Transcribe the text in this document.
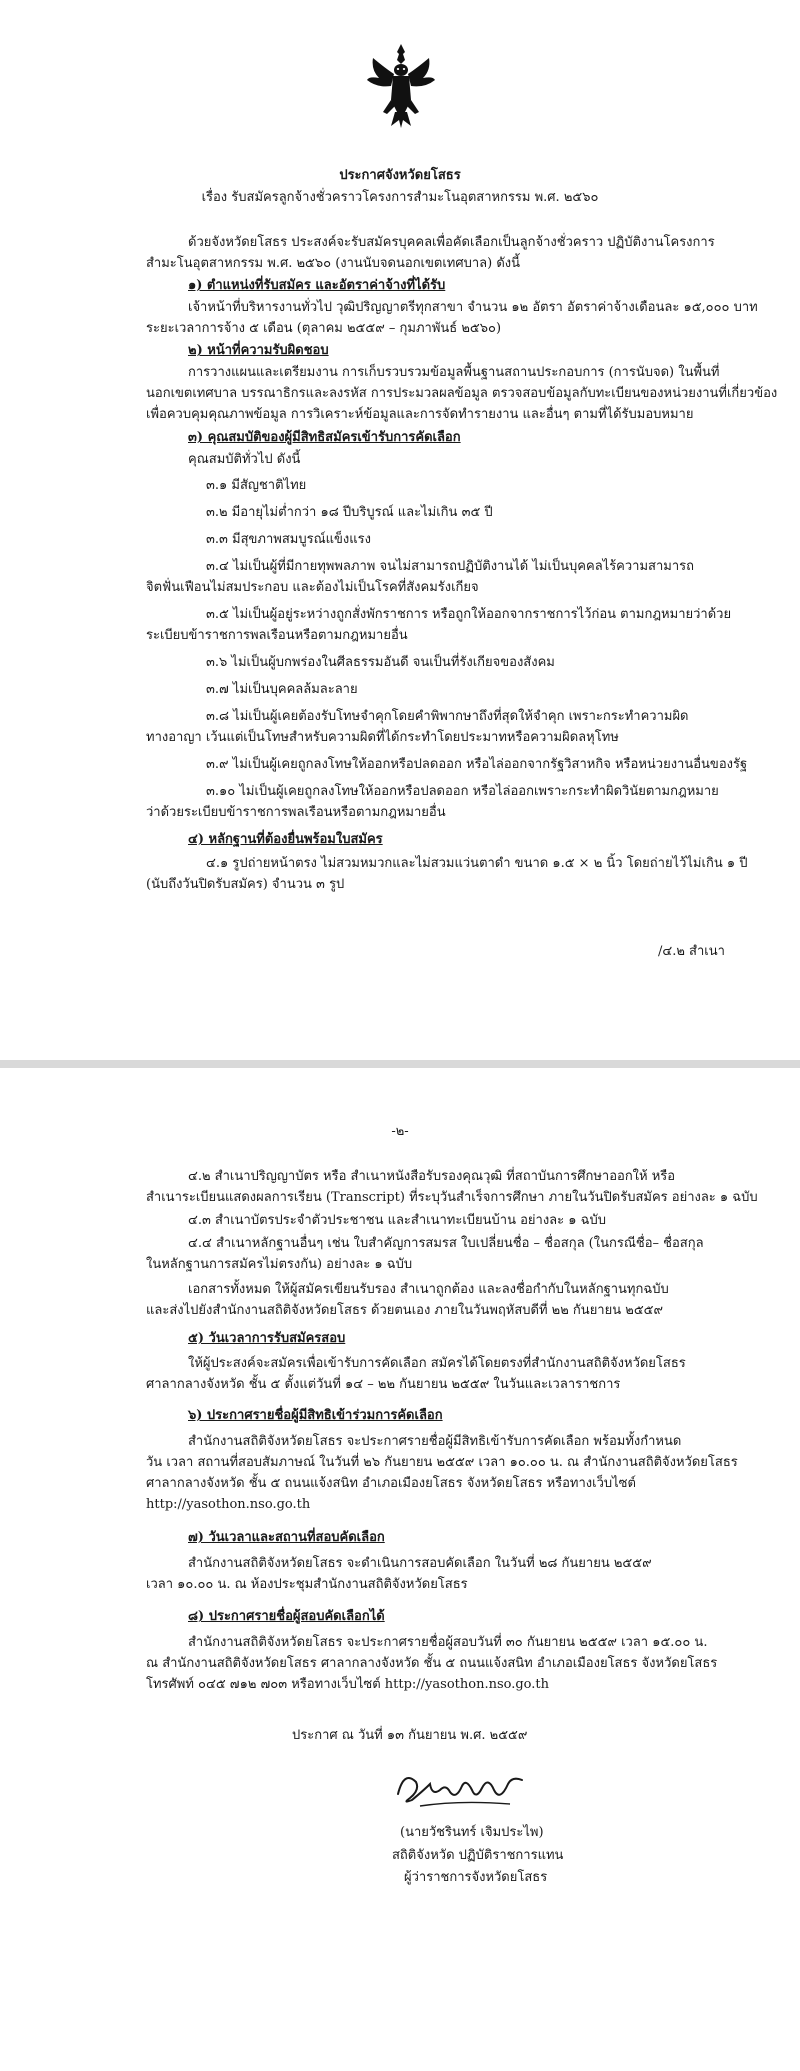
ประกาศจังหวัดยโสธร
เรื่อง รับสมัครลูกจ้างชั่วคราวโครงการสำมะโนอุตสาหกรรม พ.ศ. ๒๕๖๐
ด้วยจังหวัดยโสธร ประสงค์จะรับสมัครบุคคลเพื่อคัดเลือกเป็นลูกจ้างชั่วคราว ปฏิบัติงานโครงการ
สำมะโนอุตสาหกรรม พ.ศ. ๒๕๖๐ (งานนับจดนอกเขตเทศบาล) ดังนี้
๑) ตำแหน่งที่รับสมัคร และอัตราค่าจ้างที่ได้รับ
เจ้าหน้าที่บริหารงานทั่วไป วุฒิปริญญาตรีทุกสาขา จำนวน ๑๒ อัตรา อัตราค่าจ้างเดือนละ ๑๕,๐๐๐ บาท
ระยะเวลาการจ้าง ๕ เดือน (ตุลาคม ๒๕๕๙ – กุมภาพันธ์ ๒๕๖๐)
๒) หน้าที่ความรับผิดชอบ
การวางแผนและเตรียมงาน การเก็บรวบรวมข้อมูลพื้นฐานสถานประกอบการ (การนับจด) ในพื้นที่
นอกเขตเทศบาล บรรณาธิกรและลงรหัส การประมวลผลข้อมูล ตรวจสอบข้อมูลกับทะเบียนของหน่วยงานที่เกี่ยวข้อง
เพื่อควบคุมคุณภาพข้อมูล การวิเคราะห์ข้อมูลและการจัดทำรายงาน และอื่นๆ ตามที่ได้รับมอบหมาย
๓) คุณสมบัติของผู้มีสิทธิสมัครเข้ารับการคัดเลือก
คุณสมบัติทั่วไป ดังนี้
๓.๑ มีสัญชาติไทย
๓.๒ มีอายุไม่ต่ำกว่า ๑๘ ปีบริบูรณ์ และไม่เกิน ๓๕ ปี
๓.๓ มีสุขภาพสมบูรณ์แข็งแรง
๓.๔ ไม่เป็นผู้ที่มีกายทุพพลภาพ จนไม่สามารถปฏิบัติงานได้ ไม่เป็นบุคคลไร้ความสามารถ
จิตฟั่นเฟือนไม่สมประกอบ และต้องไม่เป็นโรคที่สังคมรังเกียจ
๓.๕ ไม่เป็นผู้อยู่ระหว่างถูกสั่งพักราชการ หรือถูกให้ออกจากราชการไว้ก่อน ตามกฎหมายว่าด้วย
ระเบียบข้าราชการพลเรือนหรือตามกฎหมายอื่น
๓.๖ ไม่เป็นผู้บกพร่องในศีลธรรมอันดี จนเป็นที่รังเกียจของสังคม
๓.๗ ไม่เป็นบุคคลล้มละลาย
๓.๘ ไม่เป็นผู้เคยต้องรับโทษจำคุกโดยคำพิพากษาถึงที่สุดให้จำคุก เพราะกระทำความผิด
ทางอาญา เว้นแต่เป็นโทษสำหรับความผิดที่ได้กระทำโดยประมาทหรือความผิดลหุโทษ
๓.๙ ไม่เป็นผู้เคยถูกลงโทษให้ออกหรือปลดออก หรือไล่ออกจากรัฐวิสาหกิจ หรือหน่วยงานอื่นของรัฐ
๓.๑๐ ไม่เป็นผู้เคยถูกลงโทษให้ออกหรือปลดออก หรือไล่ออกเพราะกระทำผิดวินัยตามกฎหมาย
ว่าด้วยระเบียบข้าราชการพลเรือนหรือตามกฎหมายอื่น
๔) หลักฐานที่ต้องยื่นพร้อมใบสมัคร
๔.๑ รูปถ่ายหน้าตรง ไม่สวมหมวกและไม่สวมแว่นตาดำ ขนาด ๑.๕ × ๒ นิ้ว โดยถ่ายไว้ไม่เกิน ๑ ปี
(นับถึงวันปิดรับสมัคร) จำนวน ๓ รูป
/๔.๒ สำเนา
-๒-
๔.๒ สำเนาปริญญาบัตร หรือ สำเนาหนังสือรับรองคุณวุฒิ ที่สถาบันการศึกษาออกให้ หรือ
สำเนาระเบียนแสดงผลการเรียน (Transcript) ที่ระบุวันสำเร็จการศึกษา ภายในวันปิดรับสมัคร อย่างละ ๑ ฉบับ
๔.๓ สำเนาบัตรประจำตัวประชาชน และสำเนาทะเบียนบ้าน อย่างละ ๑ ฉบับ
๔.๔ สำเนาหลักฐานอื่นๆ เช่น ใบสำคัญการสมรส ใบเปลี่ยนชื่อ – ชื่อสกุล (ในกรณีชื่อ– ชื่อสกุล
ในหลักฐานการสมัครไม่ตรงกัน) อย่างละ ๑ ฉบับ
เอกสารทั้งหมด ให้ผู้สมัครเขียนรับรอง สำเนาถูกต้อง และลงชื่อกำกับในหลักฐานทุกฉบับ
และส่งไปยังสำนักงานสถิติจังหวัดยโสธร ด้วยตนเอง ภายในวันพฤหัสบดีที่ ๒๒ กันยายน ๒๕๕๙
๕) วันเวลาการรับสมัครสอบ
ให้ผู้ประสงค์จะสมัครเพื่อเข้ารับการคัดเลือก สมัครได้โดยตรงที่สำนักงานสถิติจังหวัดยโสธร
ศาลากลางจังหวัด ชั้น ๕ ตั้งแต่วันที่ ๑๔ – ๒๒ กันยายน ๒๕๕๙ ในวันและเวลาราชการ
๖) ประกาศรายชื่อผู้มีสิทธิเข้าร่วมการคัดเลือก
สำนักงานสถิติจังหวัดยโสธร จะประกาศรายชื่อผู้มีสิทธิเข้ารับการคัดเลือก พร้อมทั้งกำหนด
วัน เวลา สถานที่สอบสัมภาษณ์ ในวันที่ ๒๖ กันยายน ๒๕๕๙ เวลา ๑๐.๐๐ น. ณ สำนักงานสถิติจังหวัดยโสธร
ศาลากลางจังหวัด ชั้น ๕ ถนนแจ้งสนิท อำเภอเมืองยโสธร จังหวัดยโสธร หรือทางเว็บไซต์
http://yasothon.nso.go.th
๗) วันเวลาและสถานที่สอบคัดเลือก
สำนักงานสถิติจังหวัดยโสธร จะดำเนินการสอบคัดเลือก ในวันที่ ๒๘ กันยายน ๒๕๕๙
เวลา ๑๐.๐๐ น. ณ ห้องประชุมสำนักงานสถิติจังหวัดยโสธร
๘) ประกาศรายชื่อผู้สอบคัดเลือกได้
สำนักงานสถิติจังหวัดยโสธร จะประกาศรายชื่อผู้สอบวันที่ ๓๐ กันยายน ๒๕๕๙ เวลา ๑๕.๐๐ น.
ณ สำนักงานสถิติจังหวัดยโสธร ศาลากลางจังหวัด ชั้น ๕ ถนนแจ้งสนิท อำเภอเมืองยโสธร จังหวัดยโสธร
โทรศัพท์ ๐๔๕ ๗๑๒ ๗๐๓ หรือทางเว็บไซต์ http://yasothon.nso.go.th
ประกาศ ณ วันที่ ๑๓ กันยายน พ.ศ. ๒๕๕๙
(นายวัชรินทร์ เจิมประไพ)
สถิติจังหวัด ปฏิบัติราชการแทน
ผู้ว่าราชการจังหวัดยโสธร
